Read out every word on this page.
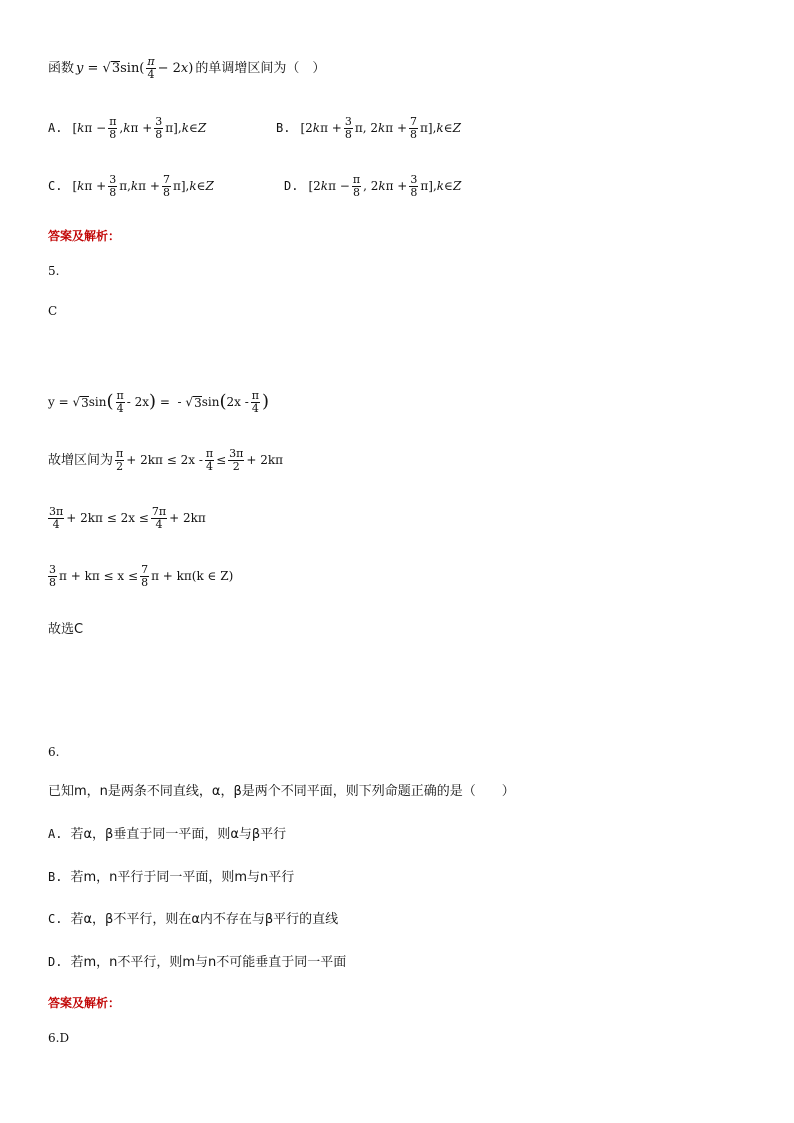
函数 y = √ 3 $\sin( \frac{\pi}{4} - 2$ x ) 的单调增区间为（　）
A. [ k $\pi - \frac{\pi}{8}$ , k $\pi + \frac{3}{8} \pi$], k ∈ Z	B. [2 k $\pi + \frac{3}{8} \pi$, 2 k $\pi + \frac{7}{8} \pi$], k ∈ Z
C. [ k $\pi + \frac{3}{8} \pi$, k $\pi + \frac{7}{8} \pi$], k ∈ Z	D. [2 k $\pi - \frac{\pi}{8}$ , 2 k $\pi + \frac{3}{8} \pi$], k ∈ Z
答案及解析：
5.
C
y = √ 3 sin ( $\frac{\pi}{4} - 2x$ ) =  - √ 3 sin ( $2x - \frac{\pi}{4}$ )
故增区间为 $\frac{\pi}{2} + 2k\pi \le 2x - \frac{\pi}{4} \le \frac{3\pi}{2} + 2k\pi$
$\frac{3\pi}{4} + 2k\pi \le 2x \le \frac{7\pi}{4} + 2k\pi$
$\frac{3}{8}$ $\pi + k\pi \le x \le \frac{7}{8}$ π + kπ(k ∈ Z)
故选C
6.
已知m，n是两条不同直线，α，β是两个不同平面，则下列命题正确的是（　　）
A. 若α，β垂直于同一平面，则α与β平行
B. 若m，n平行于同一平面，则m与n平行
C. 若α，β不平行，则在α内不存在与β平行的直线
D. 若m，n不平行，则m与n不可能垂直于同一平面
答案及解析：
6.D
